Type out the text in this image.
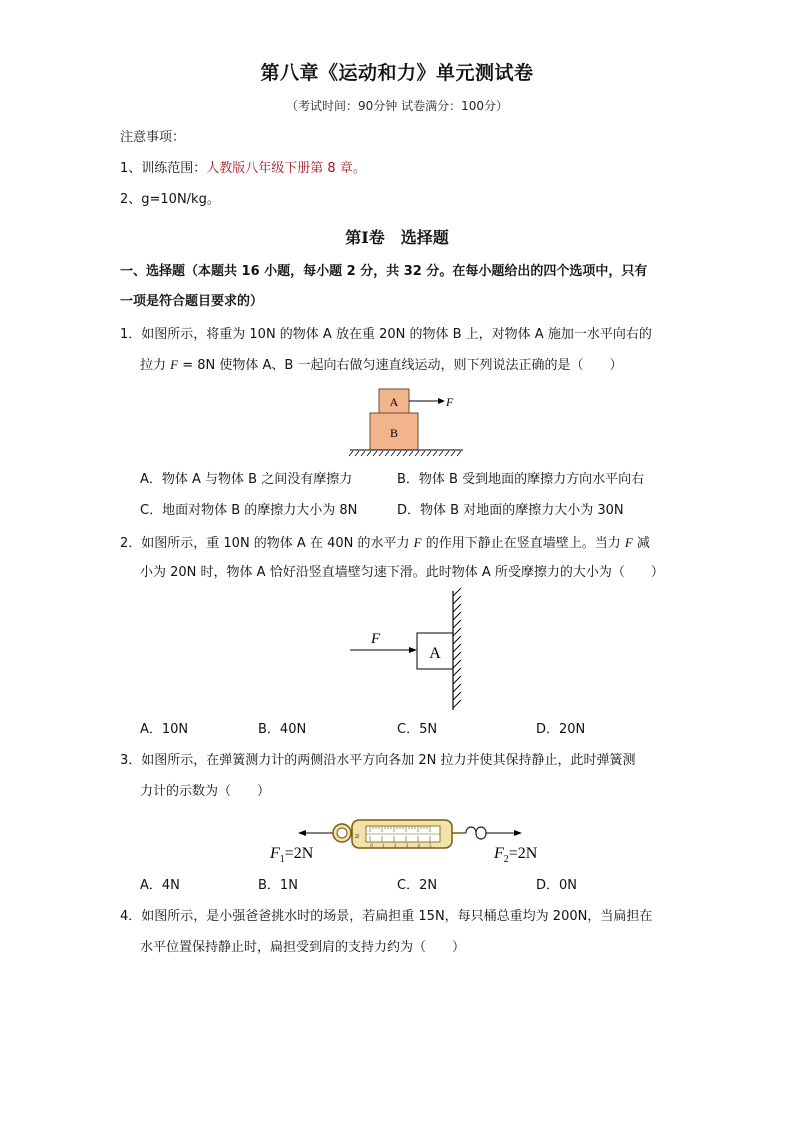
第八章《运动和力》单元测试卷
（考试时间：90分钟 试卷满分：100分）
注意事项：
1、训练范围：人教版八年级下册第 8 章。
2、g=10N/kg。
第Ⅰ卷　选择题
一、选择题（本题共 16 小题，每小题 2 分，共 32 分。在每小题给出的四个选项中，只有
一项是符合题目要求的）
1．如图所示，将重为 10N 的物体 A 放在重 20N 的物体 B 上，对物体 A 施加一水平向右的
拉力 F = 8N 使物体 A、B 一起向右做匀速直线运动，则下列说法正确的是（　　）
A
B
F
A．物体 A 与物体 B 之间没有摩擦力	B．物体 B 受到地面的摩擦力方向水平向右
C．地面对物体 B 的摩擦力大小为 8N	D．物体 B 对地面的摩擦力大小为 30N
2．如图所示，重 10N 的物体 A 在 40N 的水平力 F 的作用下静止在竖直墙壁上。当力 F 减
小为 20N 时，物体 A 恰好沿竖直墙壁匀速下滑。此时物体 A 所受摩擦力的大小为（　　）
F
A
A．10N	B．40N	C．5N	D．20N
3．如图所示，在弹簧测力计的两侧沿水平方向各加 2N 拉力并使其保持静止，此时弹簧测
力计的示数为（　　）
N
0 1 2 3 4 5
$F_1=2N$	$F_2=2N$
A．4N	B．1N	C．2N	D．0N
4．如图所示，是小强爸爸挑水时的场景，若扁担重 15N，每只桶总重均为 200N，当扁担在
水平位置保持静止时，扁担受到肩的支持力约为（　　）
